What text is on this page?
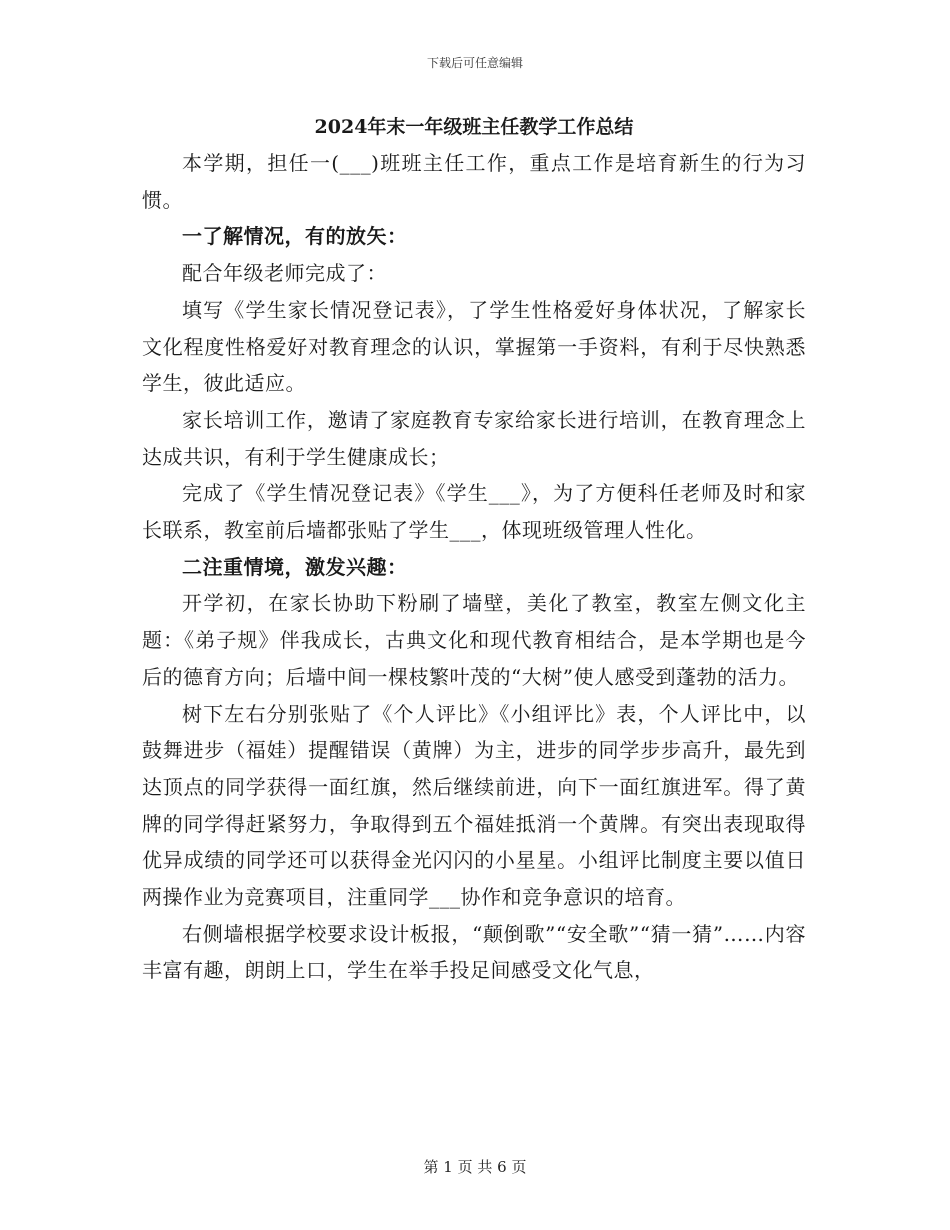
下载后可任意编辑
2024年末一年级班主任教学工作总结

本学期，担任一(___)班班主任工作，重点工作是培育新生的行为习惯。

一了解情况，有的放矢：

配合年级老师完成了：

填写《学生家长情况登记表》，了学生性格爱好身体状况，了解家长文化程度性格爱好对教育理念的认识，掌握第一手资料，有利于尽快熟悉学生，彼此适应。

家长培训工作，邀请了家庭教育专家给家长进行培训，在教育理念上达成共识，有利于学生健康成长；

完成了《学生情况登记表》《学生___》，为了方便科任老师及时和家长联系，教室前后墙都张贴了学生___，体现班级管理人性化。

二注重情境，激发兴趣：

开学初，在家长协助下粉刷了墙壁，美化了教室，教室左侧文化主题：《弟子规》伴我成长，古典文化和现代教育相结合，是本学期也是今后的德育方向；后墙中间一棵枝繁叶茂的“大树”使人感受到蓬勃的活力。

树下左右分别张贴了《个人评比》《小组评比》表，个人评比中，以鼓舞进步（福娃）提醒错误（黄牌）为主，进步的同学步步高升，最先到达顶点的同学获得一面红旗，然后继续前进，向下一面红旗进军。得了黄牌的同学得赶紧努力，争取得到五个福娃抵消一个黄牌。有突出表现取得优异成绩的同学还可以获得金光闪闪的小星星。小组评比制度主要以值日两操作业为竞赛项目，注重同学___协作和竞争意识的培育。

右侧墙根据学校要求设计板报，“颠倒歌”“安全歌”“猜一猜”……内容丰富有趣，朗朗上口，学生在举手投足间感受文化气息，

第 1 页 共 6 页
